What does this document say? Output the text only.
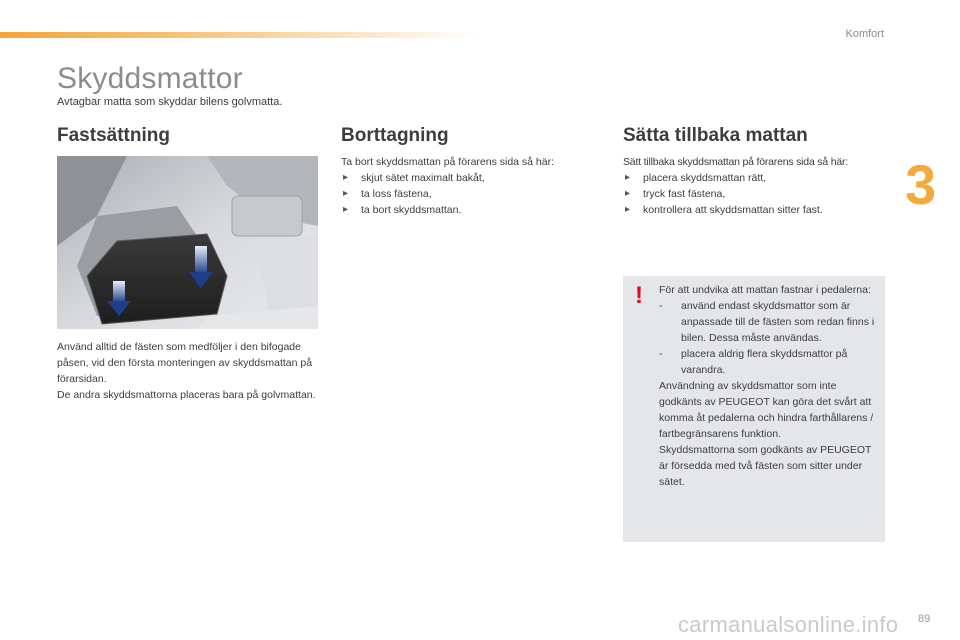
Komfort
Skyddsmattor
Avtagbar matta som skyddar bilens golvmatta.
Fastsättning

Använd alltid de fästen som medföljer i den bifogade påsen, vid den första monteringen av skyddsmattan på förarsidan.

De andra skyddsmattorna placeras bara på golvmattan.

Borttagning

Ta bort skyddsmattan på förarens sida så här:

▸ skjut sätet maximalt bakåt,
▸ ta loss fästena,
▸ ta bort skyddsmattan.
Sätta tillbaka mattan

Sätt tillbaka skyddsmattan på förarens sida så här:

▸ placera skyddsmattan rätt,
▸ tryck fast fästena,
▸ kontrollera att skyddsmattan sitter fast.
! För att undvika att mattan fastnar i pedalerna:

- använd endast skyddsmattor som är anpassade till de fästen som redan finns i bilen. Dessa måste användas.
- placera aldrig flera skyddsmattor på varandra.

Användning av skyddsmattor som inte godkänts av PEUGEOT kan göra det svårt att komma åt pedalerna och hindra farthållarens / fartbegränsarens funktion.

Skyddsmattorna som godkänts av PEUGEOT är försedda med två fästen som sitter under sätet.

3
carmanualsonline.info 89
